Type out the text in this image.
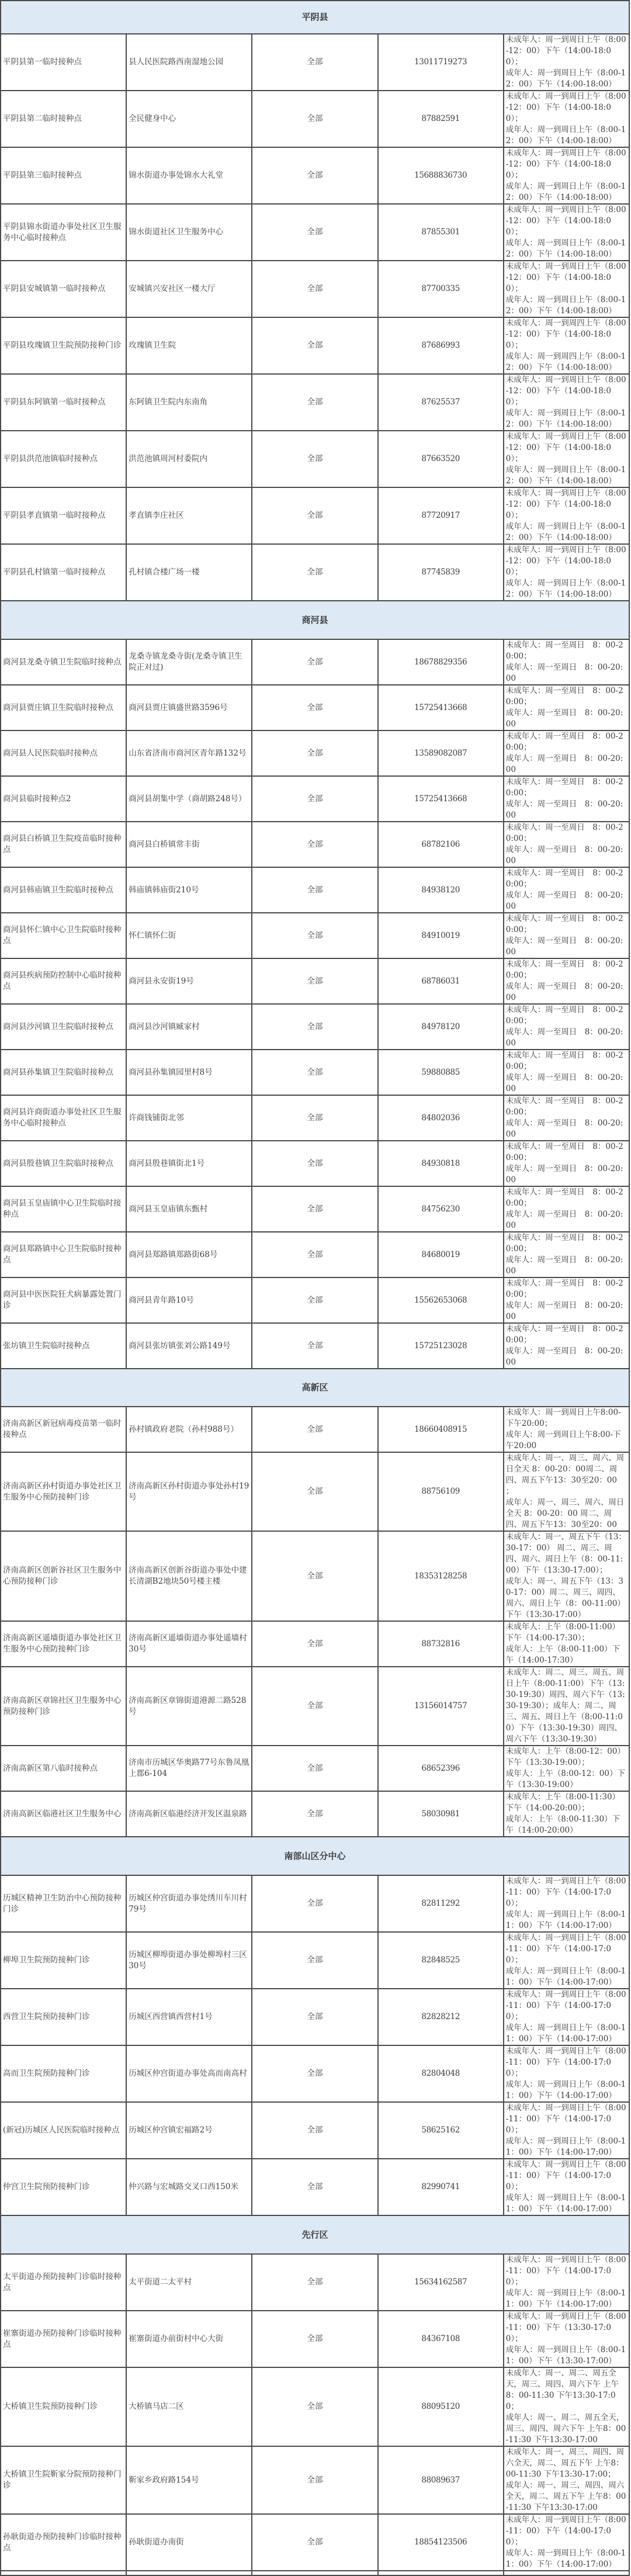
平阴县				
平阴县第一临时接种点	县人民医院路西南湿地公园	全部	13011719273	未成年人：周一到周日上午（8:00-12：00）下午（14:00-18:00）；
成年人：周一到周日上午（8:00-12：00）下午（14:00-18:00）

平阴县第二临时接种点	全民健身中心	全部	87882591	未成年人：周一到周日上午（8:00-12：00）下午（14:00-18:00）；
成年人：周一到周日上午（8:00-12：00）下午（14:00-18:00）

平阴县第三临时接种点	锦水街道办事处锦水大礼堂	全部	15688836730	未成年人：周一到周日上午（8:00-12：00）下午（14:00-18:00）；
成年人：周一到周日上午（8:00-12：00）下午（14:00-18:00）

平阴县锦水街道办事处社区卫生服务中心临时接种点	锦水街道社区卫生服务中心	全部	87855301	未成年人：周一到周日上午（8:00-12：00）下午（14:00-18:00）；
成年人：周一到周日上午（8:00-12：00）下午（14:00-18:00）

平阴县安城镇第一临时接种点	安城镇兴安社区一楼大厅	全部	87700335	未成年人：周一到周日上午（8:00-12：00）下午（14:00-18:00）；
成年人：周一到周日上午（8:00-12：00）下午（14:00-18:00）

平阴县玫瑰镇卫生院预防接种门诊	玫瑰镇卫生院	全部	87686993	未成年人：周一到周四上午（8:00-12：00）下午（14:00-18:00）；
成年人：周一到周四上午（8:00-12：00）下午（14:00-18:00）

平阴县东阿镇第一临时接种点	东阿镇卫生院内东南角	全部	87625537	未成年人：周一到周日上午（8:00-12：00）下午（14:00-18:00）；
成年人：周一到周日上午（8:00-12：00）下午（14:00-18:00）

平阴县洪范池镇临时接种点	洪范池镇周河村委院内	全部	87663520	未成年人：周一到周日上午（8:00-12：00）下午（14:00-18:00）；
成年人：周一到周日上午（8:00-12：00）下午（14:00-18:00）

平阴县孝直镇第一临时接种点	孝直镇李庄社区	全部	87720917	未成年人：周一到周日上午（8:00-12：00）下午（14:00-18:00）；
成年人：周一到周日上午（8:00-12：00）下午（14:00-18:00）

平阴县孔村镇第一临时接种点	孔村镇合楼广场一楼	全部	87745839	未成年人：周一到周日上午（8:00-12：00）下午（14:00-18:00）；
成年人：周一到周日上午（8:00-12：00）下午（14:00-18:00）

商河县				
商河县龙桑寺镇卫生院临时接种点	龙桑寺镇龙桑寺街(龙桑寺镇卫生院正对过)	全部	18678829356	未成年人：周一至周日　8：00-20:00；
成年人：周一至周日　8：00-20:00

商河县贾庄镇卫生院临时接种点	商河县贾庄镇盛世路3596号	全部	15725413668	未成年人：周一至周日　8：00-20:00；
成年人：周一至周日　8：00-20:00

商河县人民医院临时接种点	山东省济南市商河区青年路132号	全部	13589082087	未成年人：周一至周日　8：00-20:00；
成年人：周一至周日　8：00-20:00

商河县临时接种点2	商河县胡集中学（商胡路248号）	全部	15725413668	未成年人：周一至周日　8：00-20:00；
成年人：周一至周日　8：00-20:00

商河县白桥镇卫生院疫苗临时接种点	商河县白桥镇常丰街	全部	68782106	未成年人：周一至周日　8：00-20:00；
成年人：周一至周日　8：00-20:00

商河县韩庙镇卫生院临时接种点	韩庙镇韩庙街210号	全部	84938120	未成年人：周一至周日　8：00-20:00；
成年人：周一至周日　8：00-20:00

商河县怀仁镇中心卫生院临时接种点	怀仁镇怀仁街	全部	84910019	未成年人：周一至周日　8：00-20:00；
成年人：周一至周日　8：00-20:00

商河县疾病预防控制中心临时接种点	商河县永安街19号	全部	68786031	未成年人：周一至周日　8：00-20:00；
成年人：周一至周日　8：00-20:00

商河县沙河镇卫生院临时接种点	商河县沙河镇臧家村	全部	84978120	未成年人：周一至周日　8：00-20:00；
成年人：周一至周日　8：00-20:00

商河县孙集镇卫生院临时接种点	商河县孙集镇园里村8号	全部	59880885	未成年人：周一至周日　8：00-20:00；
成年人：周一至周日　8：00-20:00

商河县许商街道办事处社区卫生服务中心临时接种点	许商钱铺街北邻	全部	84802036	未成年人：周一至周日　8：00-20:00；
成年人：周一至周日　8：00-20:00

商河县殷巷镇卫生院临时接种点	商河县殷巷镇街北1号	全部	84930818	未成年人：周一至周日　8：00-20:00；
成年人：周一至周日　8：00-20:00

商河县玉皇庙镇中心卫生院临时接种点	商河县玉皇庙镇东甄村	全部	84756230	未成年人：周一至周日　8：00-20:00；
成年人：周一至周日　8：00-20:00

商河县郑路镇中心卫生院临时接种点	商河县郑路镇郑路街68号	全部	84680019	未成年人：周一至周日　8：00-20:00；
成年人：周一至周日　8：00-20:00

商河县中医医院狂犬病暴露处置门诊	商河县青年路10号	全部	15562653068	未成年人：周一至周日　8：00-20:00；
成年人：周一至周日　8：00-20:00

张坊镇卫生院临时接种点	商河县张坊镇张刘公路149号	全部	15725123028	未成年人：周一至周日　8：00-20:00；
成年人：周一至周日　8：00-20:00

高新区				
济南高新区新冠病毒疫苗第一临时接种点	孙村镇政府老院（孙村988号）	全部	18660408915	未成年人：周一到周日上午8:00-下午20:00；
成年人：周一到周日上午8:00-下午20:00

济南高新区孙村街道办事处社区卫生服务中心预防接种门诊	济南高新区孙村街道办事处孙村19号	全部	88756109	未成年人：周一、周三、周六、周日全天 8：00-20：00周二、周四、周五下午13：30至20：00　；
成年人：周一、周三、周六、周日全天 8：00-20：00 周二、周四、周五下午13：30至20：00

济南高新区创新谷社区卫生服务中心预防接种门诊	济南高新区创新谷街道办事处中建长清湖B2地块50号楼主楼	全部	18353128258	未成年人：周一、周五下午（13：30-17：00） 周二、周三、周四、周六、周日上午（8：00-11:00）下午（13:30-17:00）；
成年人：周一、周五下午（13：30-17：00）周二、周三、周四、周六、周日上午（8：00-11:00）下午（13:30-17:00）

济南高新区遥墙街道办事处社区卫生服务中心预防接种门诊	济南高新区遥墙街道办事处遥墙村30号	全部	88732816	未成年人：上午（8:00-11:00）下午（14:00-17:30）；
成年人：上午（8:00-11:00）下午（14:00-17:30）

济南高新区章锦社区卫生服务中心预防接种门诊	济南高新区章锦街道港源二路528号	全部	13156014757	未成年人：周二、周三、周五、周日上午（8:00-11:00）下午（13:30-19:30）周四、周六下午（13:30-19:30）；成年人：周二、周三、周五、周日上午（8:00-11:00）下午（13:30-19:30）周四、周六下午（13:30-19:30）

济南高新区第八临时接种点	济南市历城区华奥路77号东鲁凤凰上郡6-104	全部	68652396	未成年人：上午（8:00-12：00）下午（13:30-19:00）；
成年人：上午（8:00-12：00）下午（13:30-19:00）

济南高新区临港社区卫生服务中心	济南高新区临港经济开发区温泉路	全部	58030981	未成年人：上午（8:00-11:30）下午（14:00-20:00）；
成年人：上午（8:00-11:30）下午（14:00-20:00）

南部山区分中心				
历城区精神卫生防治中心预防接种门诊	历城区仲宫街道办事处绣川车川村79号	全部	82811292	未成年人：周一到周日上午（8:00-11：00）下午（14:00-17:00）；
成年人：周一到周日上午（8:00-11：00）下午（14:00-17:00）

柳埠卫生院预防接种门诊	历城区柳埠街道办事处柳埠村三区30号	全部	82848525	未成年人：周一到周日上午（8:00-11：00）下午（14:00-17:00）；
成年人：周一到周日上午（8:00-11：00）下午（14:00-17:00）

西营卫生院预防接种门诊	历城区西营镇西营村1号	全部	82828212	未成年人：周一到周日上午（8:00-11：00）下午（14:00-17:00）；
成年人：周一到周日上午（8:00-11：00）下午（14:00-17:00）

高而卫生院预防接种门诊	历城区仲宫街道办事处高而南高村	全部	82804048	未成年人：周一到周日上午（8:00-11：00）下午（14:00-17:00）；
成年人：周一到周日上午（8:00-11：00）下午（14:00-17:00）

(新冠)历城区人民医院临时接种点	历城区仲宫镇宏福路2号	全部	58625162	未成年人：周一到周日上午（8:00-11：00）下午（14:00-17:00）；
成年人：周一到周日上午（8:00-11：00）下午（14:00-17:00）

仲宫卫生院预防接种门诊	仲兴路与宏城路交叉口西150米	全部	82990741	未成年人：周一到周日上午（8:00-11：00）下午（14:00-17:00）；
成年人：周一到周日上午（8:00-11：00）下午（14:00-17:00）

先行区				
太平街道办预防接种门诊临时接种点	太平街道二太平村	全部	15634162587	未成年人：周一到周日上午（8:00-11：00）下午（14:00-17:00）；
成年人：周一到周日上午（8:00-11：00）下午（14:00-17:00）

崔寨街道办预防接种门诊临时接种点	崔寨街道办前街村中心大街	全部	84367108	未成年人：周一到周日上午（8:00-11：00）下午（13:30-17:00）；
成年人：周一到周日上午（8:00-11：00）下午（13:30-17:00）

大桥镇卫生院预防接种门诊	大桥镇马店二区	全部	88095120	未成年人：周一、周二、周五全天，周三、周四、周六下午 上午8：00-11:30 下午13:30-17:00；
成年人：周一、周二、周五全天，周三、周四、周六下午 上午8：00-11:30 下午13:30-17:00

大桥镇卫生院靳家分院预防接种门诊	靳家乡政府路154号	全部	88089637	未成年人：周一、周三、周四、周六全天，周二、周五下午 上午8：00-11:30 下午13:30-17:00；
成年人：周一、周三、周四、周六全天，周二、周五下午 上午8：00-11:30 下午13:30-17:00

孙耿街道办预防接种门诊临时接种点	孙耿街道办南街	全部	18854123506	未成年人：周一到周日上午（8:00-11：00）下午（14:00-17:00）；
成年人：周一到周日上午（8:00-11：00）下午（14:00-17:00）
